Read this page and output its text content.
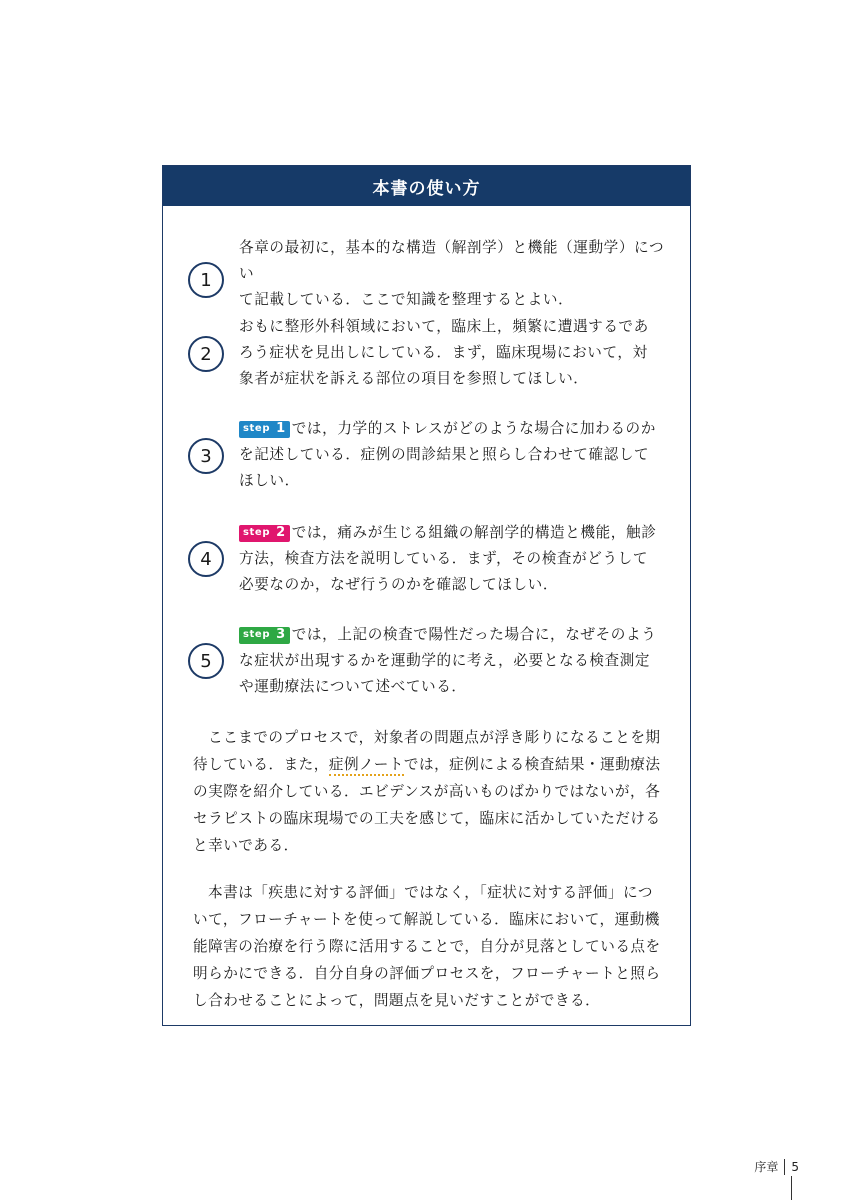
本書の使い方
1
各章の最初に，基本的な構造（解剖学）と機能（運動学）につい
て記載している．ここで知識を整理するとよい．
2
おもに整形外科領域において，臨床上，頻繁に遭遇するであ
ろう症状を見出しにしている．まず，臨床現場において，対
象者が症状を訴える部位の項目を参照してほしい．
3
step 1 では，力学的ストレスがどのような場合に加わるのか
を記述している．症例の問診結果と照らし合わせて確認して
ほしい．
4
step 2 では，痛みが生じる組織の解剖学的構造と機能，触診
方法，検査方法を説明している．まず，その検査がどうして
必要なのか，なぜ行うのかを確認してほしい．
5
step 3 では，上記の検査で陽性だった場合に，なぜそのよう
な症状が出現するかを運動学的に考え，必要となる検査測定
や運動療法について述べている．
ここまでのプロセスで，対象者の問題点が浮き彫りになることを期待している．また，症例ノートでは，症例による検査結果・運動療法の実際を紹介している．エビデンスが高いものばかりではないが，各セラピストの臨床現場での工夫を感じて，臨床に活かしていただけると幸いである．
本書は「疾患に対する評価」ではなく，「症状に対する評価」について，フローチャートを使って解説している．臨床において，運動機能障害の治療を行う際に活用することで，自分が見落としている点を明らかにできる．自分自身の評価プロセスを，フローチャートと照らし合わせることによって，問題点を見いだすことができる．
序章 5
